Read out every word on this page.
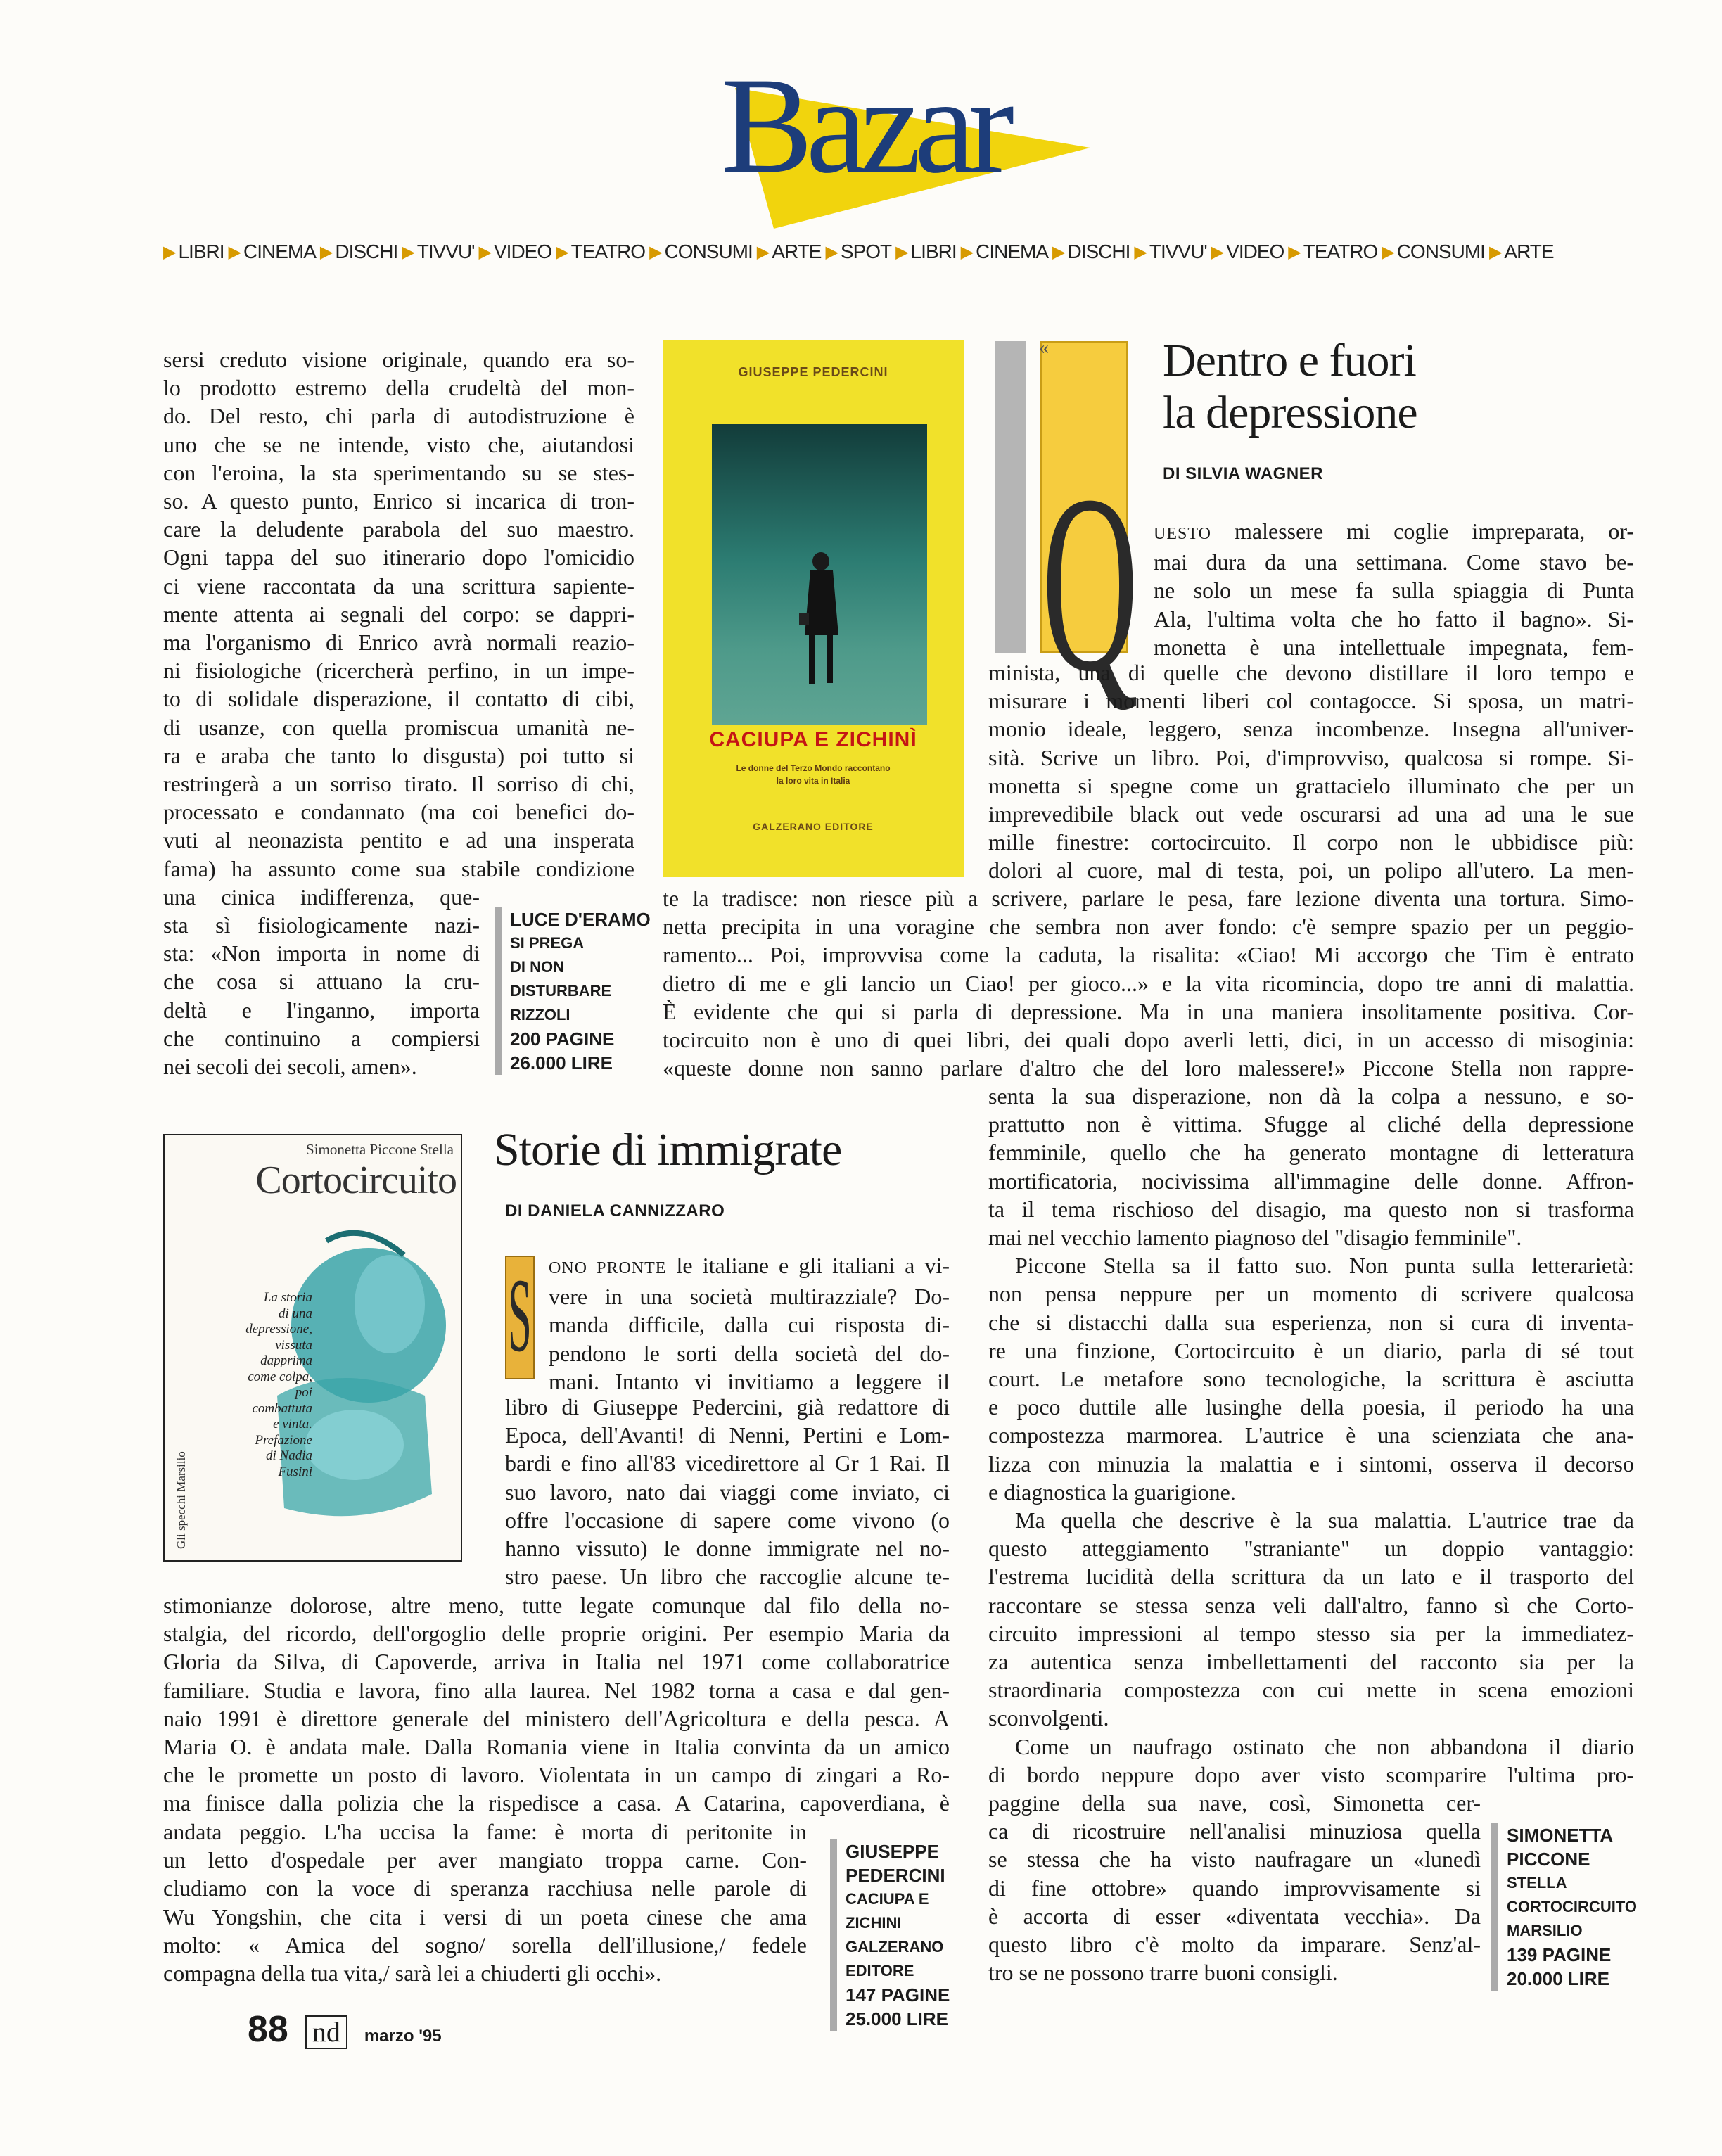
Bazar
▶ LIBRI ▶ CINEMA ▶ DISCHI ▶ TIVVU' ▶ VIDEO ▶ TEATRO ▶ CONSUMI ▶ ARTE ▶ SPOT ▶ LIBRI ▶ CINEMA ▶ DISCHI ▶ TIVVU' ▶ VIDEO ▶ TEATRO ▶ CONSUMI ▶ ARTE

sersi creduto visione originale, quando era so-

lo prodotto estremo della crudeltà del mon-

do. Del resto, chi parla di autodistruzione è

uno che se ne intende, visto che, aiutandosi

con l'eroina, la sta sperimentando su se stes-

so. A questo punto, Enrico si incarica di tron-

care la deludente parabola del suo maestro.

Ogni tappa del suo itinerario dopo l'omicidio

ci viene raccontata da una scrittura sapiente-

mente attenta ai segnali del corpo: se dappri-

ma l'organismo di Enrico avrà normali reazio-

ni fisiologiche (ricercherà perfino, in un impe-

to di solidale disperazione, il contatto di cibi,

di usanze, con quella promiscua umanità ne-

ra e araba che tanto lo disgusta) poi tutto si

restringerà a un sorriso tirato. Il sorriso di chi,

processato e condannato (ma coi benefici do-

vuti al neonazista pentito e ad una insperata

fama) ha assunto come sua stabile condizione

una cinica indifferenza, que-

sta sì fisiologicamente nazi-

sta: «Non importa in nome di

che cosa si attuano la cru-

deltà e l'inganno, importa

che continuino a compiersi

nei secoli dei secoli, amen».

LUCE D'ERAMO
SI PREGA
DI NON DISTURBARE
RIZZOLI
200 PAGINE
26.000 LIRE
GIUSEPPE PEDERCINI
CACIUPA E ZICHINÌ
Le donne del Terzo Mondo raccontano la loro vita in Italia
GALZERANO EDITORE
Q
« Dentro e fuori
la depressione
DI SILVIA WAGNER

UESTO malessere mi coglie impreparata, or-

mai dura da una settimana. Come stavo be-

ne solo un mese fa sulla spiaggia di Punta

Ala, l'ultima volta che ho fatto il bagno». Si-

monetta è una intellettuale impegnata, fem-

minista, una di quelle che devono distillare il loro tempo e

misurare i momenti liberi col contagocce. Si sposa, un matri-

monio ideale, leggero, senza incombenze. Insegna all'univer-

sità. Scrive un libro. Poi, d'improvviso, qualcosa si rompe. Si-

monetta si spegne come un grattacielo illuminato che per un

imprevedibile black out vede oscurarsi ad una ad una le sue

mille finestre: cortocircuito. Il corpo non le ubbidisce più:

dolori al cuore, mal di testa, poi, un polipo all'utero. La men-

te la tradisce: non riesce più a scrivere, parlare le pesa, fare lezione diventa una tortura. Simo-

netta precipita in una voragine che sembra non aver fondo: c'è sempre spazio per un peggio-

ramento... Poi, improvvisa come la caduta, la risalita: «Ciao! Mi accorgo che Tim è entrato

dietro di me e gli lancio un Ciao! per gioco...» e la vita ricomincia, dopo tre anni di malattia.

È evidente che qui si parla di depressione. Ma in una maniera insolitamente positiva. Cor-

tocircuito non è uno di quei libri, dei quali dopo averli letti, dici, in un accesso di misoginia:

«queste donne non sanno parlare d'altro che del loro malessere!» Piccone Stella non rappre-

senta la sua disperazione, non dà la colpa a nessuno, e so-

prattutto non è vittima. Sfugge al cliché della depressione

femminile, quello che ha generato montagne di letteratura

mortificatoria, nocivissima all'immagine delle donne. Affron-

ta il tema rischioso del disagio, ma questo non si trasforma

mai nel vecchio lamento piagnoso del "disagio femminile".

Piccone Stella sa il fatto suo. Non punta sulla letterarietà:

non pensa neppure per un momento di scrivere qualcosa

che si distacchi dalla sua esperienza, non si cura di inventa-

re una finzione, Cortocircuito è un diario, parla di sé tout

court. Le metafore sono tecnologiche, la scrittura è asciutta

e poco duttile alle lusinghe della poesia, il periodo ha una

compostezza marmorea. L'autrice è una scienziata che ana-

lizza con minuzia la malattia e i sintomi, osserva il decorso

e diagnostica la guarigione.

Ma quella che descrive è la sua malattia. L'autrice trae da

questo atteggiamento "straniante" un doppio vantaggio:

l'estrema lucidità della scrittura da un lato e il trasporto del

raccontare se stessa senza veli dall'altro, fanno sì che Corto-

circuito impressioni al tempo stesso sia per la immediatez-

za autentica senza imbellettamenti del racconto sia per la

straordinaria compostezza con cui mette in scena emozioni

sconvolgenti.

Come un naufrago ostinato che non abbandona il diario

di bordo neppure dopo aver visto scomparire l'ultima pro-

paggine della sua nave, così, Simonetta cer-

ca di ricostruire nell'analisi minuziosa quella

se stessa che ha visto naufragare un «lunedì

di fine ottobre» quando improvvisamente si

è accorta di esser «diventata vecchia». Da

questo libro c'è molto da imparare. Senz'al-

tro se ne possono trarre buoni consigli.

SIMONETTA PICCONE
STELLA
CORTOCIRCUITO
MARSILIO
139 PAGINE
20.000 LIRE
Simonetta Piccone Stella
Cortocircuito
La storia
di una
depressione,
vissuta
dapprima
come colpa,
poi
combattuta
e vinta.
Prefazione
di Nadia
Fusini
Gli specchi Marsilio
Storie di immigrate
DI DANIELA CANNIZZARO
S ONO PRONTE le italiane e gli italiani a vi-

vere in una società multirazziale? Do-

manda difficile, dalla cui risposta di-

pendono le sorti della società del do-

mani. Intanto vi invitiamo a leggere il

libro di Giuseppe Pedercini, già redattore di

Epoca, dell'Avanti! di Nenni, Pertini e Lom-

bardi e fino all'83 vicedirettore al Gr 1 Rai. Il

suo lavoro, nato dai viaggi come inviato, ci

offre l'occasione di sapere come vivono (o

hanno vissuto) le donne immigrate nel no-

stro paese. Un libro che raccoglie alcune te-

stimonianze dolorose, altre meno, tutte legate comunque dal filo della no-

stalgia, del ricordo, dell'orgoglio delle proprie origini. Per esempio Maria da

Gloria da Silva, di Capoverde, arriva in Italia nel 1971 come collaboratrice

familiare. Studia e lavora, fino alla laurea. Nel 1982 torna a casa e dal gen-

naio 1991 è direttore generale del ministero dell'Agricoltura e della pesca. A

Maria O. è andata male. Dalla Romania viene in Italia convinta da un amico

che le promette un posto di lavoro. Violentata in un campo di zingari a Ro-

ma finisce dalla polizia che la rispedisce a casa. A Catarina, capoverdiana, è

andata peggio. L'ha uccisa la fame: è morta di peritonite in

un letto d'ospedale per aver mangiato troppa carne. Con-

cludiamo con la voce di speranza racchiusa nelle parole di

Wu Yongshin, che cita i versi di un poeta cinese che ama

molto: « Amica del sogno/ sorella dell'illusione,/ fedele

compagna della tua vita,/ sarà lei a chiuderti gli occhi».

GIUSEPPE PEDERCINI
CACIUPA E ZICHINI
GALZERANO EDITORE
147 PAGINE
25.000 LIRE
88 nd	marzo '95
